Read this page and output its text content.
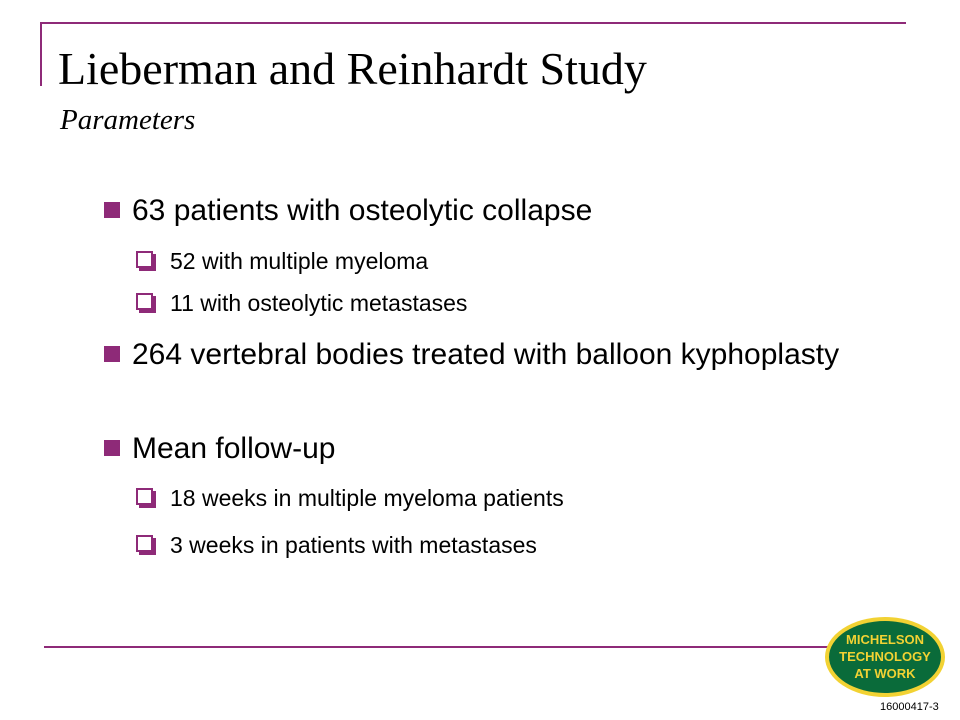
Lieberman and Reinhardt Study
Parameters
63 patients with osteolytic collapse
52 with multiple myeloma
11 with osteolytic metastases
264 vertebral bodies treated with balloon kyphoplasty
Mean follow-up
18 weeks in multiple myeloma patients
3 weeks in patients with metastases
MICHELSON
TECHNOLOGY
AT WORK
16000417-3
